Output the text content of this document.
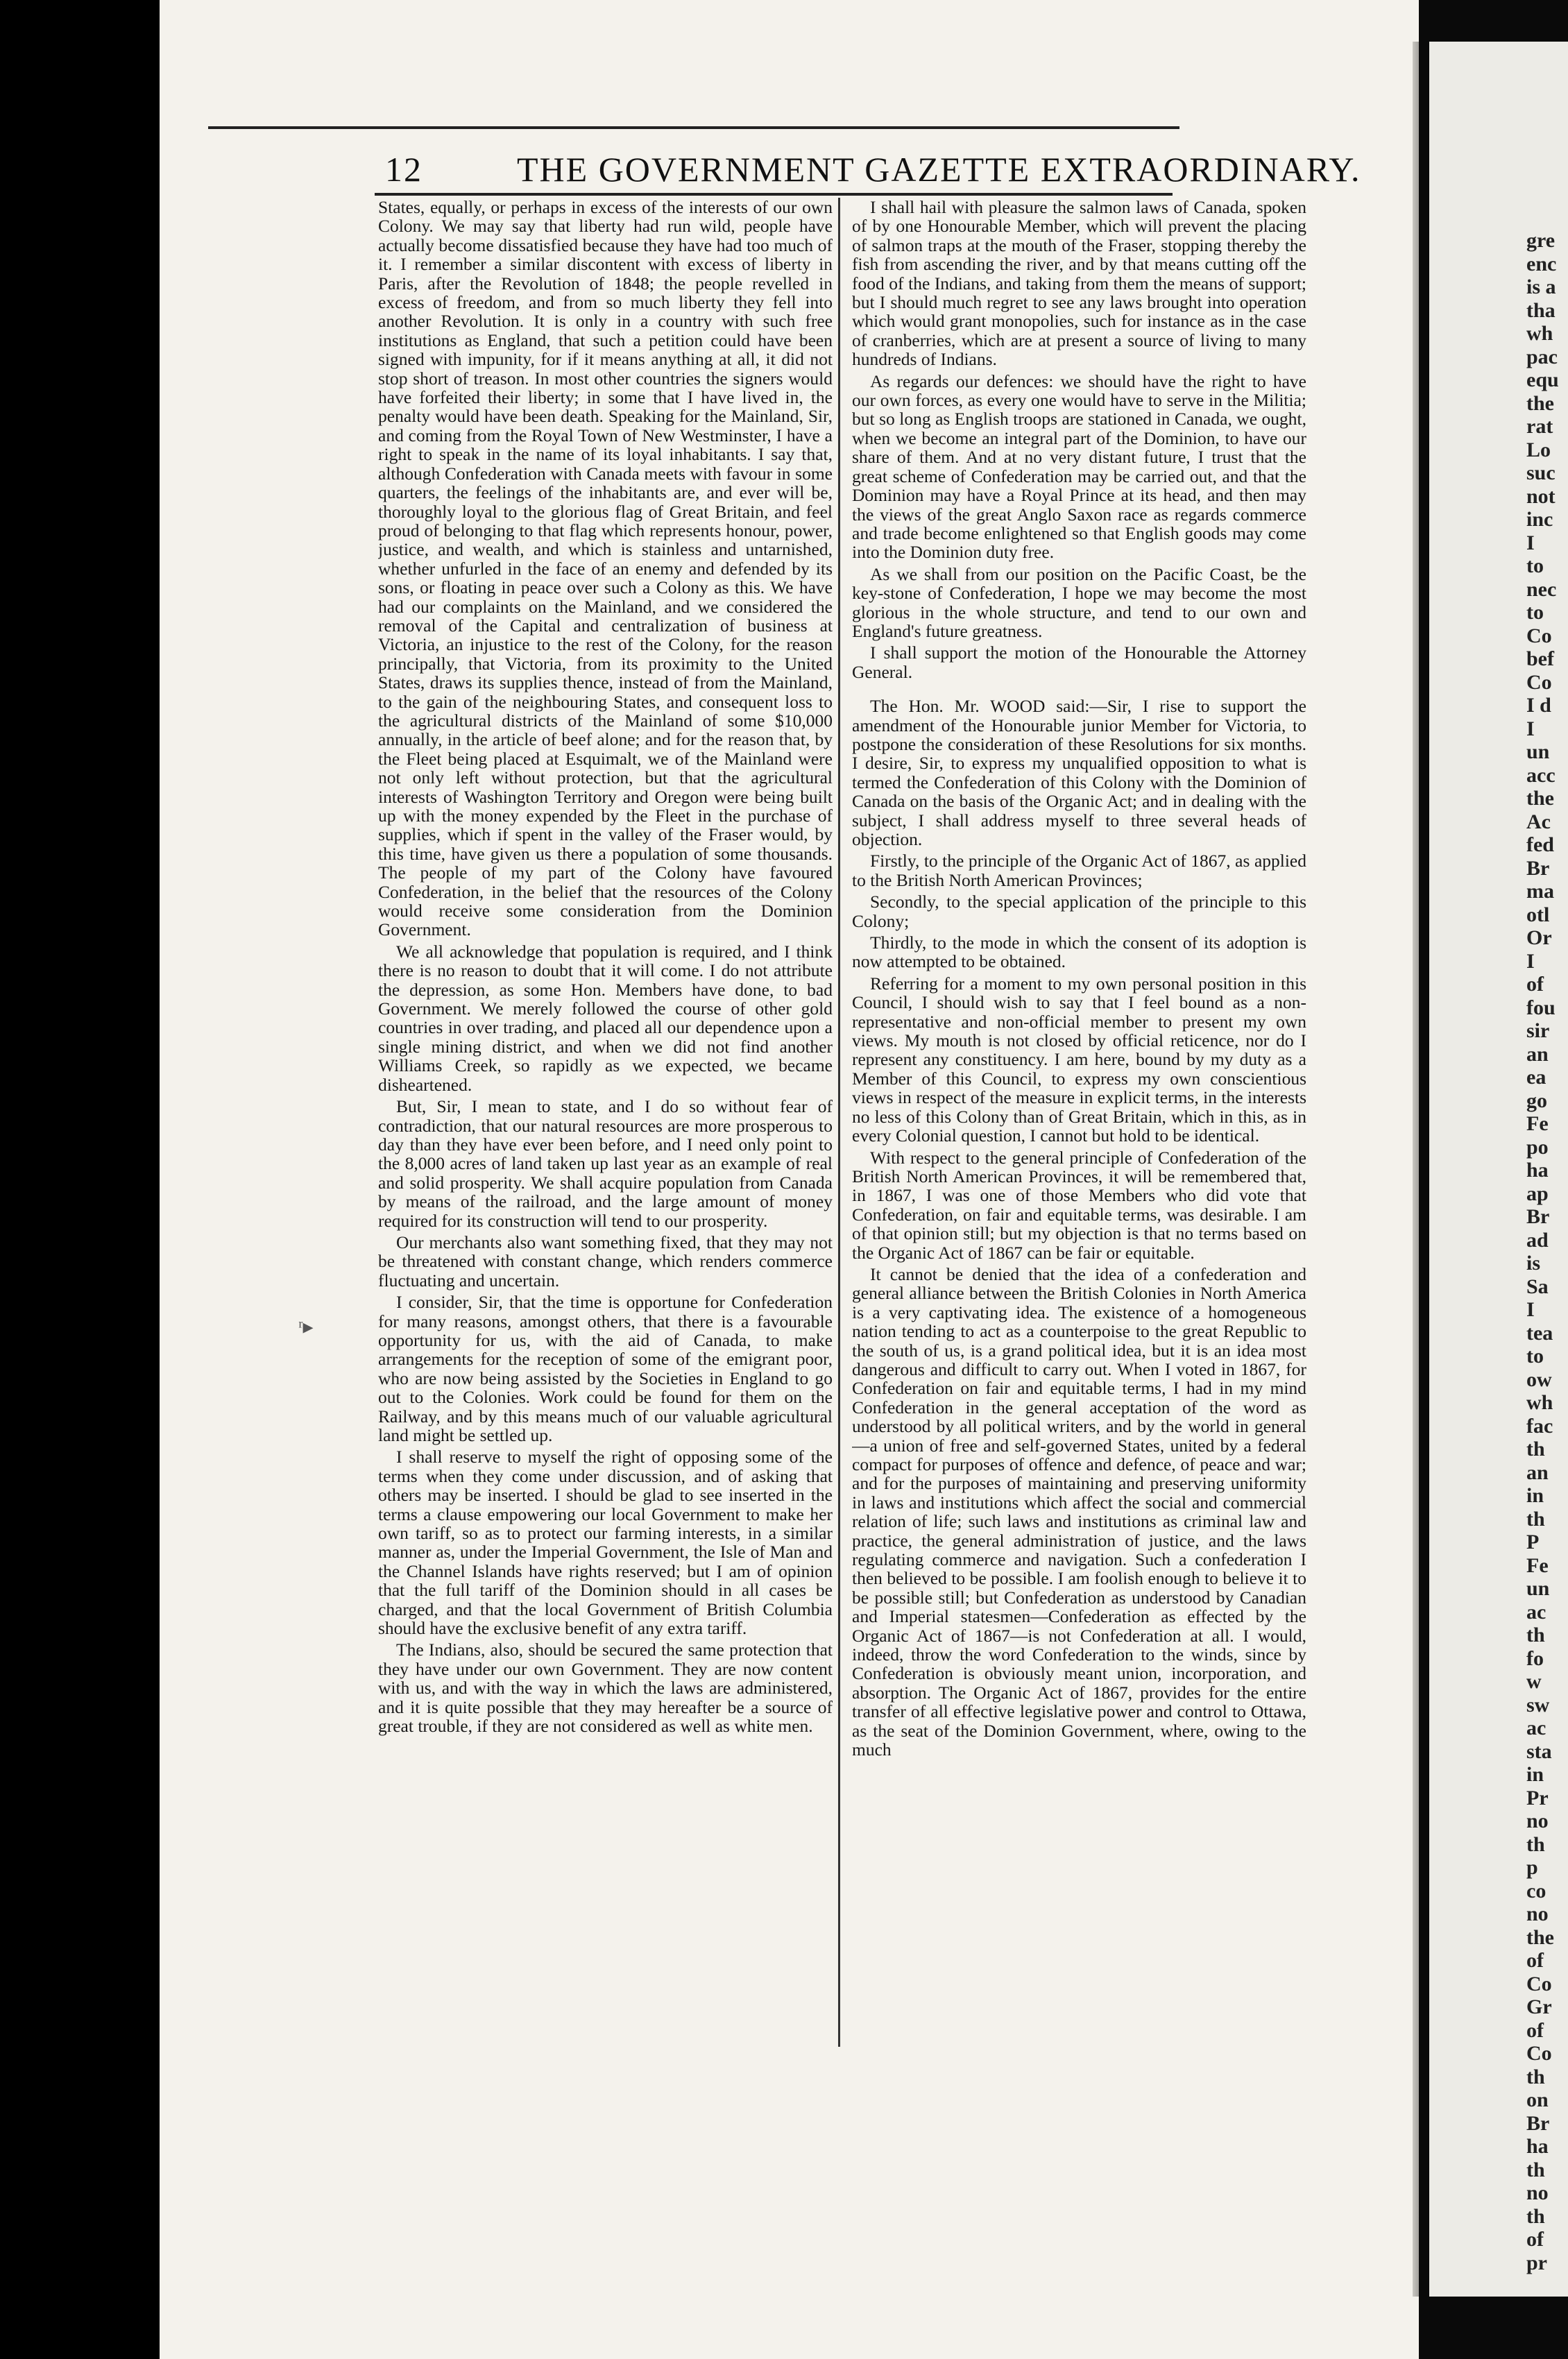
12	THE GOVERNMENT GAZETTE EXTRAORDINARY.

States, equally, or perhaps in excess of the interests of our own Colony. We may say that liberty had run wild, people have actually become dissatisfied because they have had too much of it. I remember a similar discontent with excess of liberty in Paris, after the Revolution of 1848; the people revelled in excess of freedom, and from so much liberty they fell into another Revolution. It is only in a country with such free institutions as England, that such a petition could have been signed with impunity, for if it means anything at all, it did not stop short of treason. In most other countries the signers would have forfeited their liberty; in some that I have lived in, the penalty would have been death. Speaking for the Mainland, Sir, and coming from the Royal Town of New Westminster, I have a right to speak in the name of its loyal inhabitants. I say that, although Confederation with Canada meets with favour in some quarters, the feelings of the inhabitants are, and ever will be, thoroughly loyal to the glorious flag of Great Britain, and feel proud of belonging to that flag which represents honour, power, justice, and wealth, and which is stainless and untarnished, whether unfurled in the face of an enemy and defended by its sons, or floating in peace over such a Colony as this. We have had our complaints on the Mainland, and we considered the removal of the Capital and centralization of business at Victoria, an injustice to the rest of the Colony, for the reason principally, that Victoria, from its proximity to the United States, draws its supplies thence, instead of from the Mainland, to the gain of the neighbouring States, and consequent loss to the agricultural districts of the Mainland of some $10,000 annually, in the article of beef alone; and for the reason that, by the Fleet being placed at Esquimalt, we of the Mainland were not only left without protection, but that the agricultural interests of Washington Territory and Oregon were being built up with the money expended by the Fleet in the purchase of supplies, which if spent in the valley of the Fraser would, by this time, have given us there a population of some thousands. The people of my part of the Colony have favoured Confederation, in the belief that the resources of the Colony would receive some consideration from the Dominion Government.

We all acknowledge that population is required, and I think there is no reason to doubt that it will come. I do not attribute the depression, as some Hon. Members have done, to bad Government. We merely followed the course of other gold countries in over trading, and placed all our dependence upon a single mining district, and when we did not find another Williams Creek, so rapidly as we expected, we became disheartened.

But, Sir, I mean to state, and I do so without fear of contradiction, that our natural resources are more prosperous to day than they have ever been before, and I need only point to the 8,000 acres of land taken up last year as an example of real and solid prosperity. We shall acquire population from Canada by means of the railroad, and the large amount of money required for its construction will tend to our prosperity.

Our merchants also want something fixed, that they may not be threatened with constant change, which renders commerce fluctuating and uncertain.

I consider, Sir, that the time is opportune for Confederation for many reasons, amongst others, that there is a favourable opportunity for us, with the aid of Canada, to make arrangements for the reception of some of the emigrant poor, who are now being assisted by the Societies in England to go out to the Colonies. Work could be found for them on the Railway, and by this means much of our valuable agricultural land might be settled up.

I shall reserve to myself the right of opposing some of the terms when they come under discussion, and of asking that others may be inserted. I should be glad to see inserted in the terms a clause empowering our local Government to make her own tariff, so as to protect our farming interests, in a similar manner as, under the Imperial Government, the Isle of Man and the Channel Islands have rights reserved; but I am of opinion that the full tariff of the Dominion should in all cases be charged, and that the local Government of British Columbia should have the exclusive benefit of any extra tariff.

The Indians, also, should be secured the same protection that they have under our own Government. They are now content with us, and with the way in which the laws are administered, and it is quite possible that they may hereafter be a source of great trouble, if they are not considered as well as white men.

I shall hail with pleasure the salmon laws of Canada, spoken of by one Honourable Member, which will prevent the placing of salmon traps at the mouth of the Fraser, stopping thereby the fish from ascending the river, and by that means cutting off the food of the Indians, and taking from them the means of support; but I should much regret to see any laws brought into operation which would grant monopolies, such for instance as in the case of cranberries, which are at present a source of living to many hundreds of Indians.

As regards our defences: we should have the right to have our own forces, as every one would have to serve in the Militia; but so long as English troops are stationed in Canada, we ought, when we become an integral part of the Dominion, to have our share of them. And at no very distant future, I trust that the great scheme of Confederation may be carried out, and that the Dominion may have a Royal Prince at its head, and then may the views of the great Anglo Saxon race as regards commerce and trade become enlightened so that English goods may come into the Dominion duty free.

As we shall from our position on the Pacific Coast, be the key-stone of Confederation, I hope we may become the most glorious in the whole structure, and tend to our own and England's future greatness.

I shall support the motion of the Honourable the Attorney General.

The Hon. Mr. WOOD said:—Sir, I rise to support the amendment of the Honourable junior Member for Victoria, to postpone the consideration of these Resolutions for six months. I desire, Sir, to express my unqualified opposition to what is termed the Confederation of this Colony with the Dominion of Canada on the basis of the Organic Act; and in dealing with the subject, I shall address myself to three several heads of objection.

Firstly, to the principle of the Organic Act of 1867, as applied to the British North American Provinces;

Secondly, to the special application of the principle to this Colony;

Thirdly, to the mode in which the consent of its adoption is now attempted to be obtained.

Referring for a moment to my own personal position in this Council, I should wish to say that I feel bound as a non-representative and non-official member to present my own views. My mouth is not closed by official reticence, nor do I represent any constituency. I am here, bound by my duty as a Member of this Council, to express my own conscientious views in respect of the measure in explicit terms, in the interests no less of this Colony than of Great Britain, which in this, as in every Colonial question, I cannot but hold to be identical.

With respect to the general principle of Confederation of the British North American Provinces, it will be remembered that, in 1867, I was one of those Members who did vote that Confederation, on fair and equitable terms, was desirable. I am of that opinion still; but my objection is that no terms based on the Organic Act of 1867 can be fair or equitable.

It cannot be denied that the idea of a confederation and general alliance between the British Colonies in North America is a very captivating idea. The existence of a homogeneous nation tending to act as a counterpoise to the great Republic to the south of us, is a grand political idea, but it is an idea most dangerous and difficult to carry out. When I voted in 1867, for Confederation on fair and equitable terms, I had in my mind Confederation in the general acceptation of the word as understood by all political writers, and by the world in general—a union of free and self-governed States, united by a federal compact for purposes of offence and defence, of peace and war; and for the purposes of maintaining and preserving uniformity in laws and institutions which affect the social and commercial relation of life; such laws and institutions as criminal law and practice, the general administration of justice, and the laws regulating commerce and navigation. Such a confederation I then believed to be possible. I am foolish enough to believe it to be possible still; but Confederation as understood by Canadian and Imperial statesmen—Confederation as effected by the Organic Act of 1867—is not Confederation at all. I would, indeed, throw the word Confederation to the winds, since by Confederation is obviously meant union, incorporation, and absorption. The Organic Act of 1867, provides for the entire transfer of all effective legislative power and control to Ottawa, as the seat of the Dominion Government, where, owing to the much

ʳ▸
gre
enc
is a
tha
wh
pac
equ
the
rat
Lo
suc
not
inc
I
to
nec
to
Co
bef
Co
I d
I
un
acc
the
Ac
fed
Br
ma
otl
Or
I
of
fou
sir
an
ea
go
Fe
po
ha
ap
Br
ad
is
Sa
I
tea
to
ow
wh
fac
th
an
in
th
P
Fe
un
ac
th
fo
w
sw
ac
sta
in
Pr
no
th
p
co
no
the
of
Co
Gr
of
Co
th
on
Br
ha
th
no
th
of
pr
